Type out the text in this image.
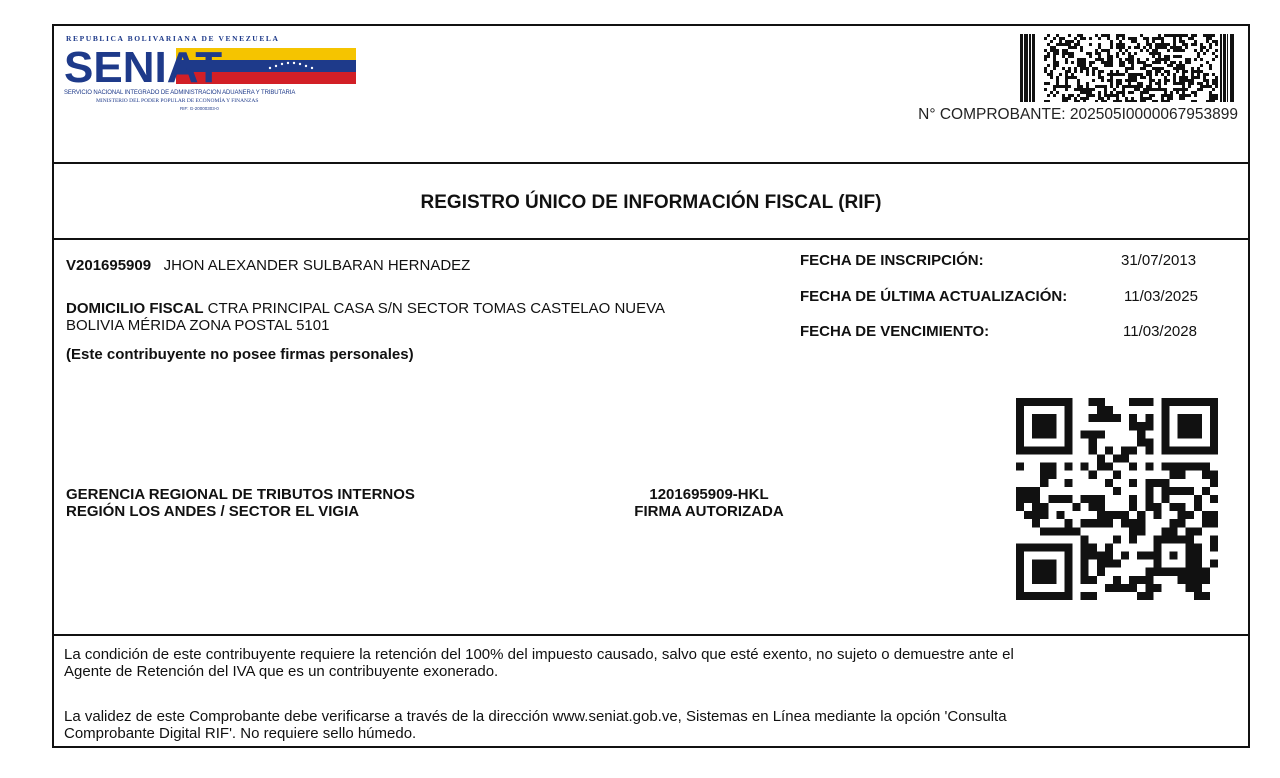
REPUBLICA BOLIVARIANA DE VENEZUELA
SENIAT
SERVICIO NACIONAL INTEGRADO DE ADMINISTRACION ADUANERA Y TRIBUTARIA
MINISTERIO DEL PODER POPULAR DE ECONOMÍA Y FINANZAS
RIF: G-20000303-0	N° COMPROBANTE: 202505I0000067953899
REGISTRO ÚNICO DE INFORMACIÓN FISCAL (RIF)
V201695909 JHON ALEXANDER SULBARAN HERNADEZ
DOMICILIO FISCAL CTRA PRINCIPAL CASA S/N SECTOR TOMAS CASTELAO NUEVA
BOLIVIA MÉRIDA ZONA POSTAL 5101
(Este contribuyente no posee firmas personales)
FECHA DE INSCRIPCIÓN:	31/07/2013
FECHA DE ÚLTIMA ACTUALIZACIÓN:	11/03/2025
FECHA DE VENCIMIENTO:	11/03/2028
GERENCIA REGIONAL DE TRIBUTOS INTERNOS
REGIÓN LOS ANDES / SECTOR EL VIGIA
1201695909-HKL
FIRMA AUTORIZADA
La condición de este contribuyente requiere la retención del 100% del impuesto causado, salvo que esté exento, no sujeto o demuestre ante el
Agente de Retención del IVA que es un contribuyente exonerado.
La validez de este Comprobante debe verificarse a través de la dirección www.seniat.gob.ve, Sistemas en Línea mediante la opción 'Consulta
Comprobante Digital RIF'. No requiere sello húmedo.
